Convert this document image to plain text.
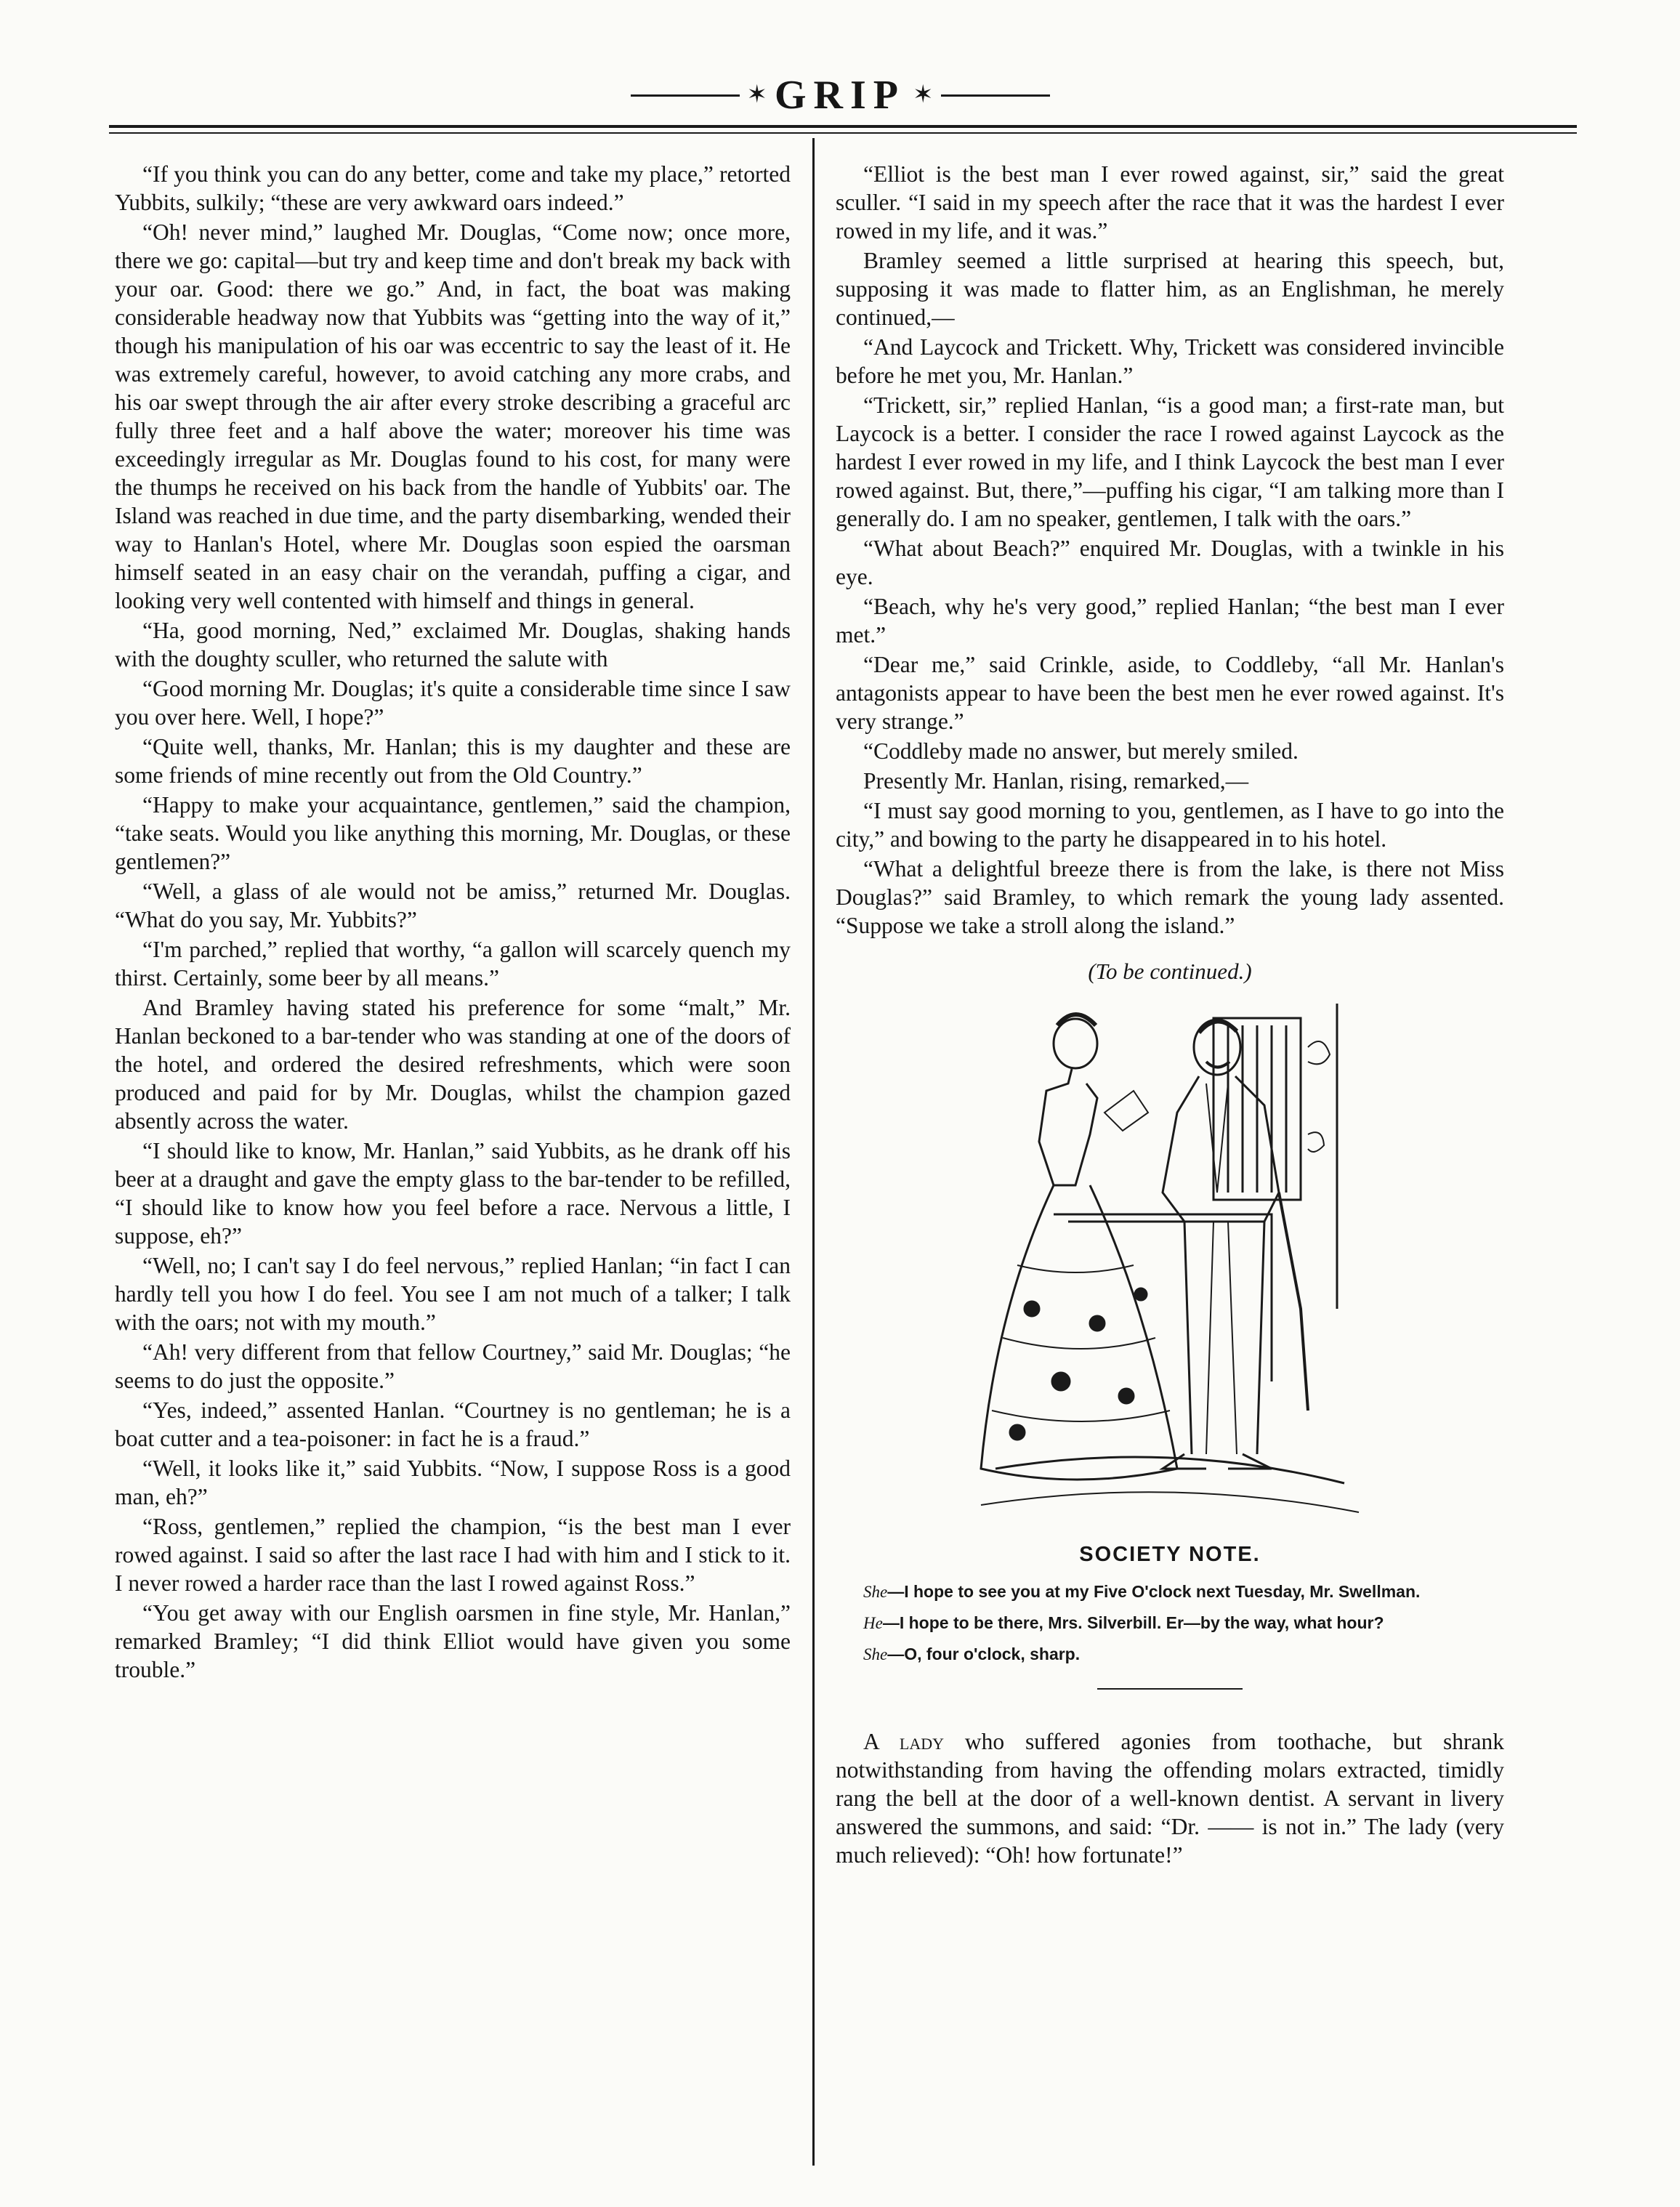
✶ GRIP ✶

“If you think you can do any better, come and take my place,” retorted Yubbits, sulkily; “these are very awkward oars indeed.”

“Oh! never mind,” laughed Mr. Douglas, “Come now; once more, there we go: capital—but try and keep time and don't break my back with your oar. Good: there we go.” And, in fact, the boat was making considerable headway now that Yubbits was “getting into the way of it,” though his manipulation of his oar was eccentric to say the least of it. He was extremely careful, however, to avoid catching any more crabs, and his oar swept through the air after every stroke describing a graceful arc fully three feet and a half above the water; moreover his time was exceedingly irregular as Mr. Douglas found to his cost, for many were the thumps he received on his back from the handle of Yubbits' oar. The Island was reached in due time, and the party disembarking, wended their way to Hanlan's Hotel, where Mr. Douglas soon espied the oarsman himself seated in an easy chair on the verandah, puffing a cigar, and looking very well contented with himself and things in general.

“Ha, good morning, Ned,” exclaimed Mr. Douglas, shaking hands with the doughty sculler, who returned the salute with

“Good morning Mr. Douglas; it's quite a considerable time since I saw you over here. Well, I hope?”

“Quite well, thanks, Mr. Hanlan; this is my daughter and these are some friends of mine recently out from the Old Country.”

“Happy to make your acquaintance, gentlemen,” said the champion, “take seats. Would you like anything this morning, Mr. Douglas, or these gentlemen?”

“Well, a glass of ale would not be amiss,” returned Mr. Douglas. “What do you say, Mr. Yubbits?”

“I'm parched,” replied that worthy, “a gallon will scarcely quench my thirst. Certainly, some beer by all means.”

And Bramley having stated his preference for some “malt,” Mr. Hanlan beckoned to a bar-tender who was standing at one of the doors of the hotel, and ordered the desired refreshments, which were soon produced and paid for by Mr. Douglas, whilst the champion gazed absently across the water.

“I should like to know, Mr. Hanlan,” said Yubbits, as he drank off his beer at a draught and gave the empty glass to the bar-tender to be refilled, “I should like to know how you feel before a race. Nervous a little, I suppose, eh?”

“Well, no; I can't say I do feel nervous,” replied Hanlan; “in fact I can hardly tell you how I do feel. You see I am not much of a talker; I talk with the oars; not with my mouth.”

“Ah! very different from that fellow Courtney,” said Mr. Douglas; “he seems to do just the opposite.”

“Yes, indeed,” assented Hanlan. “Courtney is no gentleman; he is a boat cutter and a tea-poisoner: in fact he is a fraud.”

“Well, it looks like it,” said Yubbits. “Now, I suppose Ross is a good man, eh?”

“Ross, gentlemen,” replied the champion, “is the best man I ever rowed against. I said so after the last race I had with him and I stick to it. I never rowed a harder race than the last I rowed against Ross.”

“You get away with our English oarsmen in fine style, Mr. Hanlan,” remarked Bramley; “I did think Elliot would have given you some trouble.”

“Elliot is the best man I ever rowed against, sir,” said the great sculler. “I said in my speech after the race that it was the hardest I ever rowed in my life, and it was.”

Bramley seemed a little surprised at hearing this speech, but, supposing it was made to flatter him, as an Englishman, he merely continued,—

“And Laycock and Trickett. Why, Trickett was considered invincible before he met you, Mr. Hanlan.”

“Trickett, sir,” replied Hanlan, “is a good man; a first-rate man, but Laycock is a better. I consider the race I rowed against Laycock as the hardest I ever rowed in my life, and I think Laycock the best man I ever rowed against. But, there,”—puffing his cigar, “I am talking more than I generally do. I am no speaker, gentlemen, I talk with the oars.”

“What about Beach?” enquired Mr. Douglas, with a twinkle in his eye.

“Beach, why he's very good,” replied Hanlan; “the best man I ever met.”

“Dear me,” said Crinkle, aside, to Coddleby, “all Mr. Hanlan's antagonists appear to have been the best men he ever rowed against. It's very strange.”

“Coddleby made no answer, but merely smiled.

Presently Mr. Hanlan, rising, remarked,—

“I must say good morning to you, gentlemen, as I have to go into the city,” and bowing to the party he disappeared in to his hotel.

“What a delightful breeze there is from the lake, is there not Miss Douglas?” said Bramley, to which remark the young lady assented. “Suppose we take a stroll along the island.”

(To be continued.)
SOCIETY NOTE.

She—I hope to see you at my Five O'clock next Tuesday, Mr. Swellman.

He—I hope to be there, Mrs. Silverbill. Er—by the way, what hour?

She—O, four o'clock, sharp.

A lady who suffered agonies from toothache, but shrank notwithstanding from having the offending molars extracted, timidly rang the bell at the door of a well-known dentist. A servant in livery answered the summons, and said: “Dr. —— is not in.” The lady (very much relieved): “Oh! how fortunate!”
